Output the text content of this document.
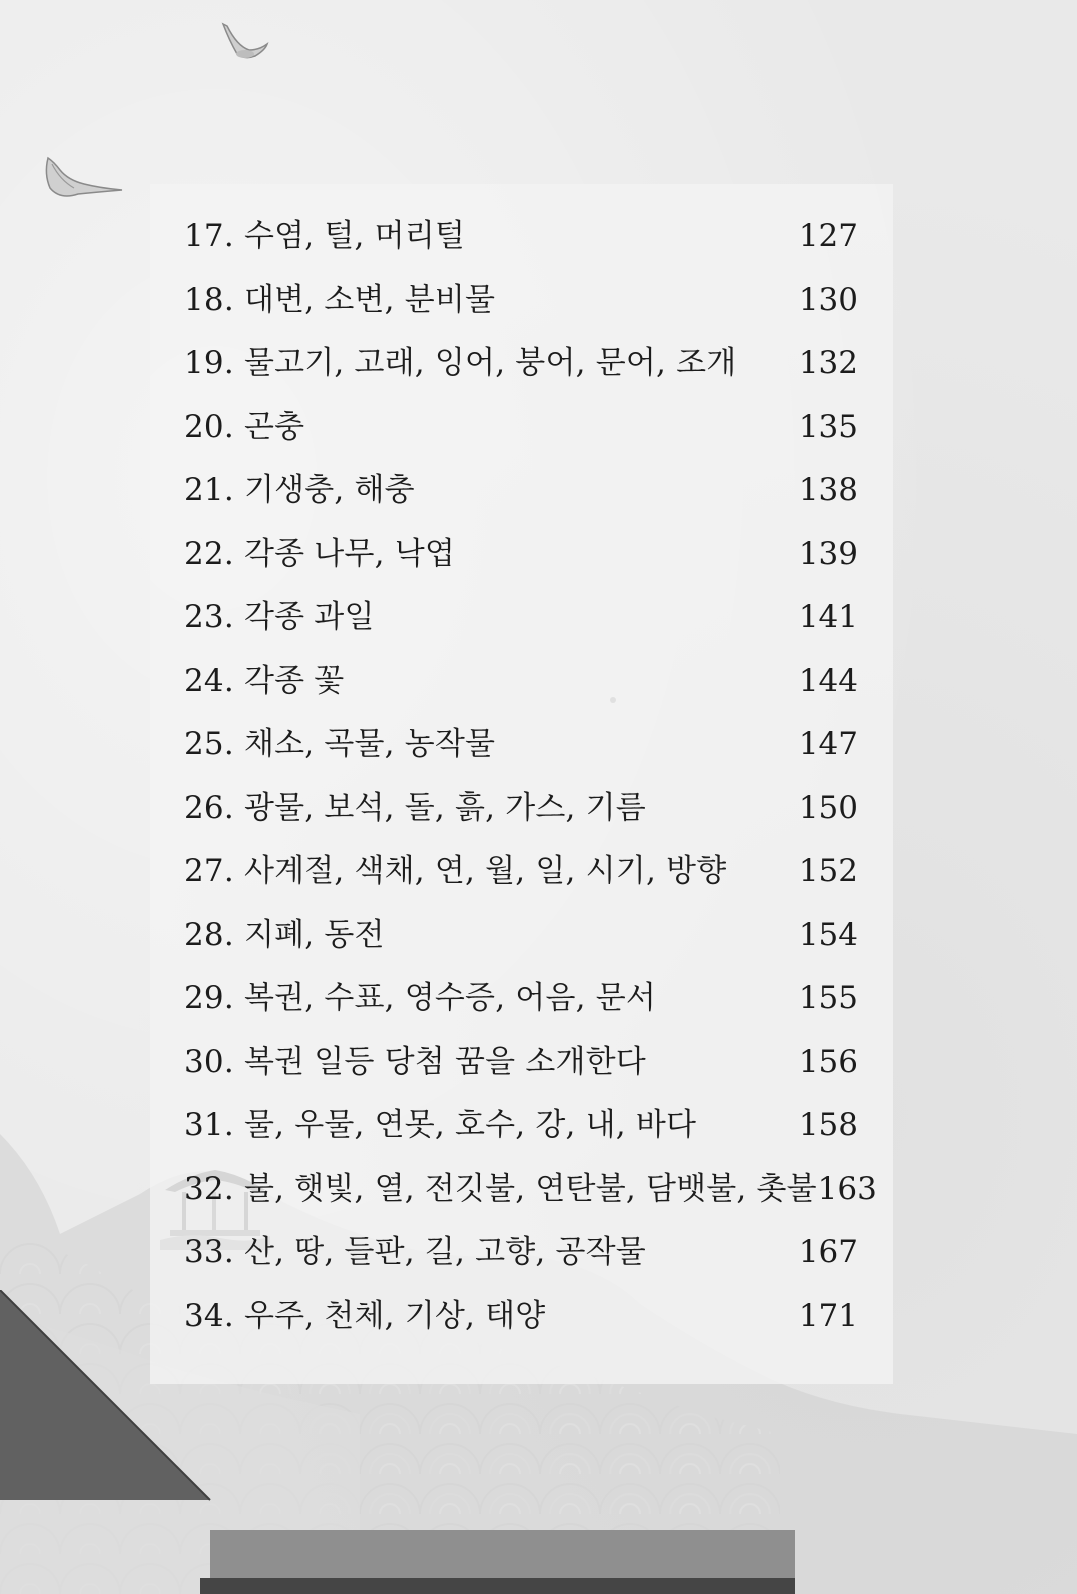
17. 수염, 털, 머리털	127
18. 대변, 소변, 분비물	130
19. 물고기, 고래, 잉어, 붕어, 문어, 조개 132
20. 곤충	135
21. 기생충, 해충	138
22. 각종 나무, 낙엽	139
23. 각종 과일	141
24. 각종 꽃	144
25. 채소, 곡물, 농작물	147
26. 광물, 보석, 돌, 흙, 가스, 기름	150
27. 사계절, 색채, 연, 월, 일, 시기, 방향 152
28. 지폐, 동전	154
29. 복권, 수표, 영수증, 어음, 문서	155
30. 복권 일등 당첨 꿈을 소개한다	156
31. 물, 우물, 연못, 호수, 강, 내, 바다	158
32. 불, 햇빛, 열, 전깃불, 연탄불, 담뱃불, 촛불 163
33. 산, 땅, 들판, 길, 고향, 공작물	167
34. 우주, 천체, 기상, 태양	171
